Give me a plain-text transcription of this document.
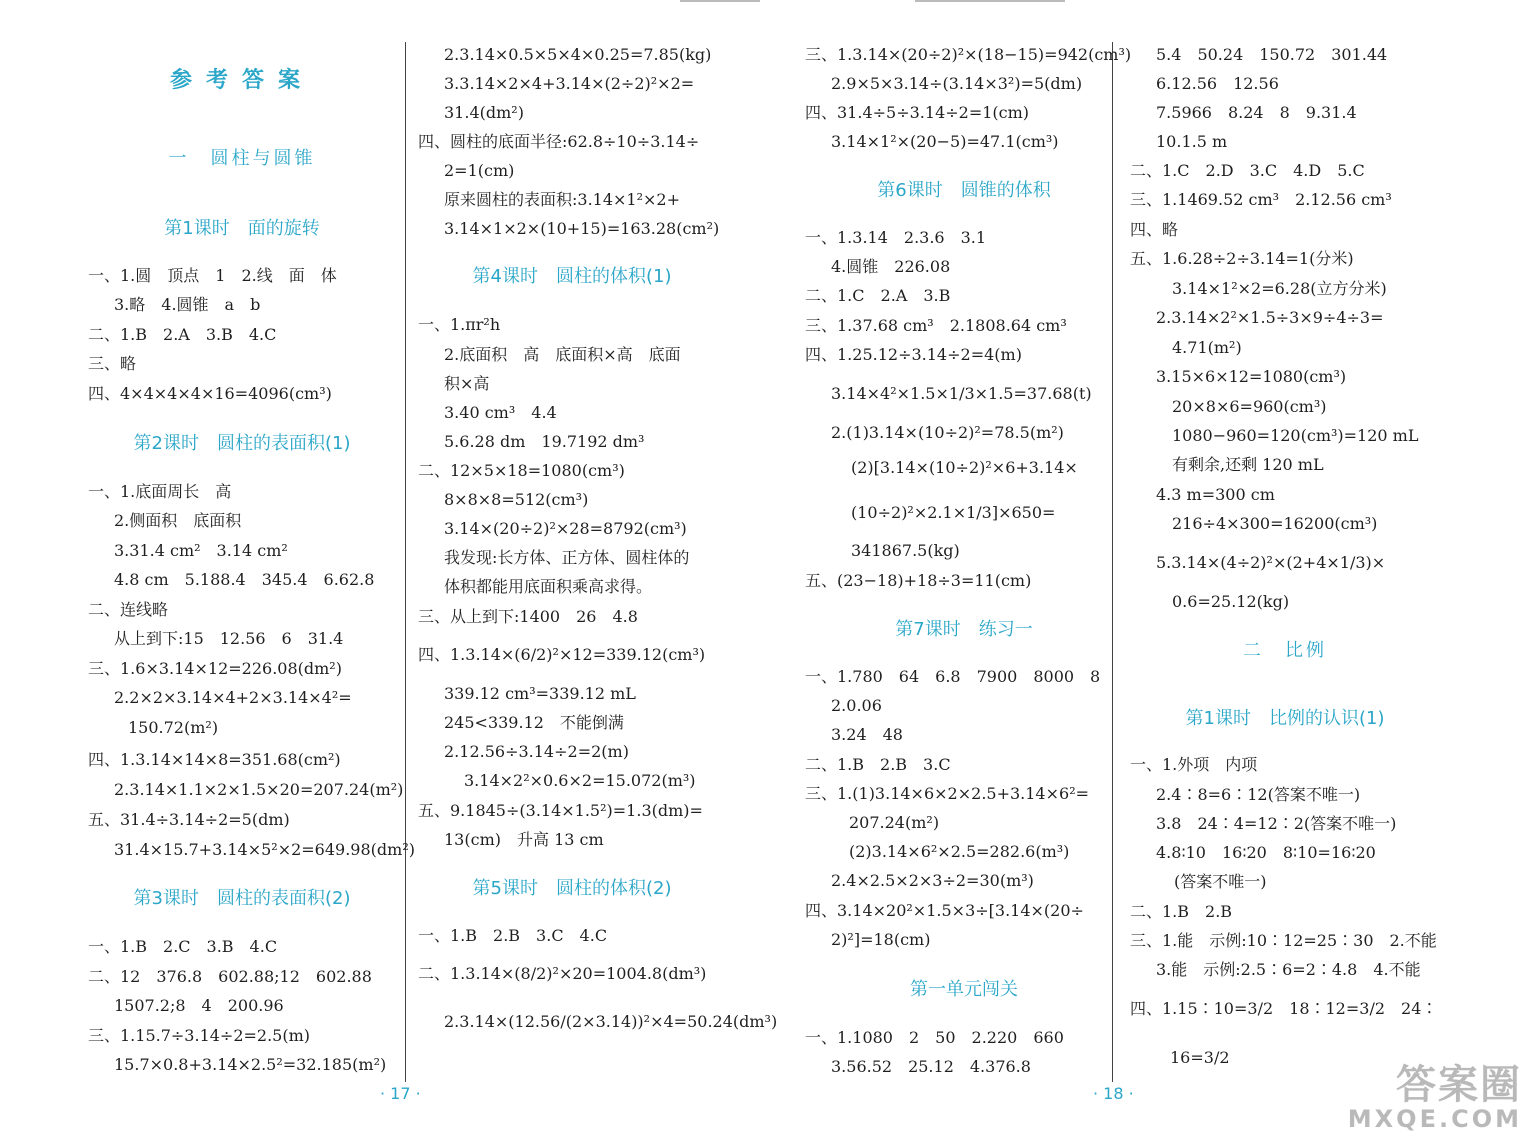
参考答案
一　圆柱与圆锥
第1课时　面的旋转
一、1.圆　顶点　1　2.线　面　体
3.略　4.圆锥　a　b
二、1.B　2.A　3.B　4.C
三、略
四、4×4×4×4×16=4096(cm³)
第2课时　圆柱的表面积(1)
一、1.底面周长　高
2.侧面积　底面积
3.31.4 cm²　3.14 cm²
4.8 cm　5.188.4　345.4　6.62.8
二、连线略
从上到下:15　12.56　6　31.4
三、1.6×3.14×12=226.08(dm²)
2.2×2×3.14×4+2×3.14×4²=
150.72(m²)
四、1.3.14×14×8=351.68(cm²)
2.3.14×1.1×2×1.5×20=207.24(m²)
五、31.4÷3.14÷2=5(dm)
31.4×15.7+3.14×5²×2=649.98(dm²)
第3课时　圆柱的表面积(2)
一、1.B　2.C　3.B　4.C
二、12　376.8　602.88;12　602.88
1507.2;8　4　200.96
三、1.15.7÷3.14÷2=2.5(m)
15.7×0.8+3.14×2.5²=32.185(m²)
2.3.14×0.5×5×4×0.25=7.85(kg)
3.3.14×2×4+3.14×(2÷2)²×2=
31.4(dm²)
四、圆柱的底面半径:62.8÷10÷3.14÷
2=1(cm)
原来圆柱的表面积:3.14×1²×2+
3.14×1×2×(10+15)=163.28(cm²)
第4课时　圆柱的体积(1)
一、1.πr²h
2.底面积　高　底面积×高　底面
积×高
3.40 cm³　4.4
5.6.28 dm　19.7192 dm³
二、12×5×18=1080(cm³)
8×8×8=512(cm³)
3.14×(20÷2)²×28=8792(cm³)
我发现:长方体、正方体、圆柱体的
体积都能用底面积乘高求得。
三、从上到下:1400　26　4.8
四、1.3.14×(6/2)²×12=339.12(cm³)
339.12 cm³=339.12 mL
245<339.12　不能倒满
2.12.56÷3.14÷2=2(m)
3.14×2²×0.6×2=15.072(m³)
五、9.1845÷(3.14×1.5²)=1.3(dm)=
13(cm)　升高 13 cm
第5课时　圆柱的体积(2)
一、1.B　2.B　3.C　4.C
二、1.3.14×(8/2)²×20=1004.8(dm³)
2.3.14×(12.56/(2×3.14))²×4=50.24(dm³)
三、1.3.14×(20÷2)²×(18−15)=942(cm³)
2.9×5×3.14÷(3.14×3²)=5(dm)
四、31.4÷5÷3.14÷2=1(cm)
3.14×1²×(20−5)=47.1(cm³)
第6课时　圆锥的体积
一、1.3.14　2.3.6　3.1
4.圆锥　226.08
二、1.C　2.A　3.B
三、1.37.68 cm³　2.1808.64 cm³
四、1.25.12÷3.14÷2=4(m)
3.14×4²×1.5×1/3×1.5=37.68(t)
2.(1)3.14×(10÷2)²=78.5(m²)
(2)[3.14×(10÷2)²×6+3.14×
(10÷2)²×2.1×1/3]×650=
341867.5(kg)
五、(23−18)+18÷3=11(cm)
第7课时　练习一
一、1.780　64　6.8　7900　8000　8
2.0.06
3.24　48
二、1.B　2.B　3.C
三、1.(1)3.14×6×2×2.5+3.14×6²=
207.24(m²)
(2)3.14×6²×2.5=282.6(m³)
2.4×2.5×2×3÷2=30(m³)
四、3.14×20²×1.5×3÷[3.14×(20÷
2)²]=18(cm)
第一单元闯关
一、1.1080　2　50　2.220　660
3.56.52　25.12　4.376.8
5.4　50.24　150.72　301.44
6.12.56　12.56
7.5966　8.24　8　9.31.4
10.1.5 m
二、1.C　2.D　3.C　4.D　5.C
三、1.1469.52 cm³　2.12.56 cm³
四、略
五、1.6.28÷2÷3.14=1(分米)
3.14×1²×2=6.28(立方分米)
2.3.14×2²×1.5÷3×9÷4÷3=
4.71(m²)
3.15×6×12=1080(cm³)
20×8×6=960(cm³)
1080−960=120(cm³)=120 mL
有剩余,还剩 120 mL
4.3 m=300 cm
216÷4×300=16200(cm³)
5.3.14×(4÷2)²×(2+4×1/3)×
0.6=25.12(kg)
二　比例
第1课时　比例的认识(1)
一、1.外项　内项
2.4∶8=6∶12(答案不唯一)
3.8　24∶4=12∶2(答案不唯一)
4.8∶10　16∶20　8∶10=16∶20
(答案不唯一)
二、1.B　2.B
三、1.能　示例:10∶12=25∶30　2.不能
3.能　示例:2.5∶6=2∶4.8　4.不能
四、1.15∶10=3/2　18∶12=3/2　24∶
16=3/2
· 17 ·	· 18 ·	答案圈
MXQE.COM
